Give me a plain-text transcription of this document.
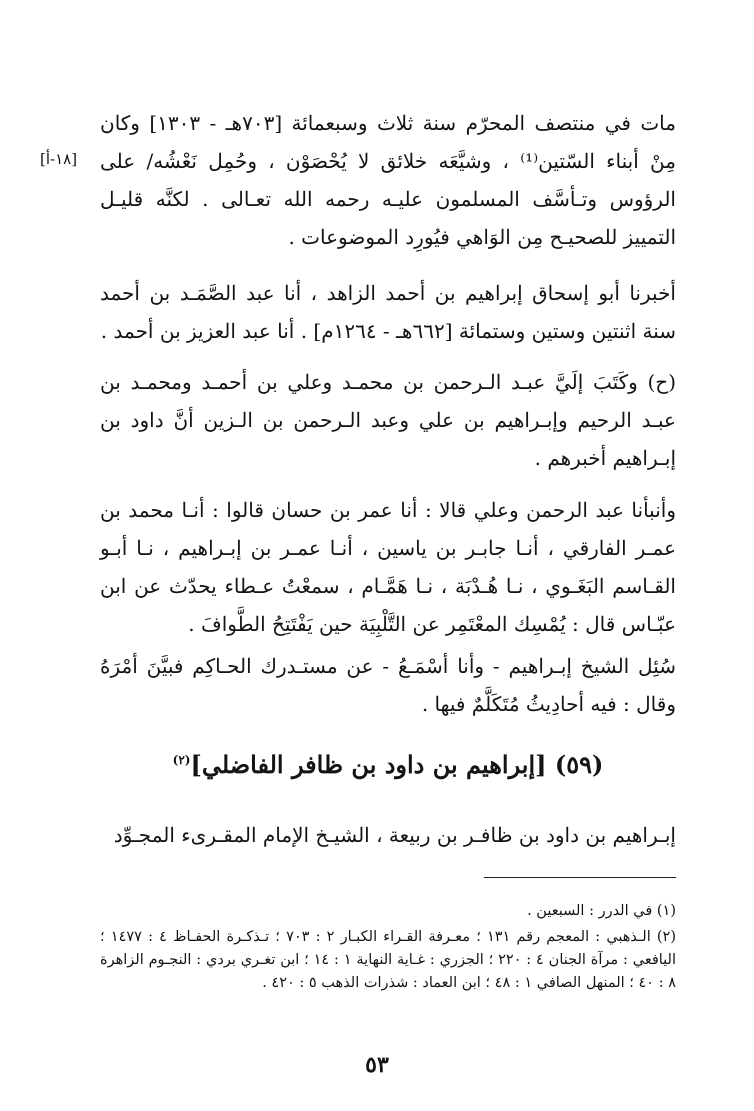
[١٨-أ]

مات في منتصف المحرّم سنة ثلاث وسبعمائة [٧٠٣هـ - ١٣٠٣] وكان مِنْ أبناء السّتين⁽¹⁾ ، وشيَّعَه خلائق لا يُحْصَوْن ، وحُمِل نَعْشُه/ على الرؤوس وتـأسَّف المسلمون عليـه رحمه الله تعـالى . لكنَّه قليـل التمييز للصحيـح مِن الوَاهي فيُورِد الموضوعات .

أخبرنا أبو إسحاق إبراهيم بن أحمد الزاهد ، أنا عبد الصَّمَـد بن أحمد سنة اثنتين وستين وستمائة [٦٦٢هـ - ١٢٦٤م] . أنا عبد العزيز بن أحمد .

(ح) وكَتَبَ إلَيَّ عبـد الـرحمن بن محمـد وعلي بن أحمـد ومحمـد بن عبـد الرحيم وإبـراهيم بن علي وعبد الـرحمن بن الـزين أنَّ داود بن إبـراهيم أخبرهم .

وأنبأنا عبد الرحمن وعلي قالا : أنا عمر بن حسان قالوا : أنـا محمد بن عمـر الفارقي ، أنـا جابـر بن ياسين ، أنـا عمـر بن إبـراهيم ، نـا أبـو القـاسم البَغَـوي ، نـا هُـدْبَة ، نـا هَمَّـام ، سمعْتُ عـطاء يحدّث عن ابن عبّـاس قال : يُمْسِك المعْتَمِر عن التَّلْبِيَة حين يَفْتَتِحُ الطَّوافَ .

سُئِل الشيخ إبـراهيم - وأنا أسْمَـعُ - عن مستـدرك الحـاكِم فبيَّنَ أمْرَهُ وقال : فيه أحادِيثُ مُتَكَلَّمٌ فيها .

(٥٩) [إبراهيم بن داود بن ظافر الفاضلي]$^{(٢)}$

إبـراهيم بن داود بن ظافـر بن ربيعة ، الشيـخ الإمام المقـرىء المجـوِّد

(١) في الدرر : السبعين .

(٢) الـذهبي : المعجم رقم ١٣١ ؛ معـرفة القـراء الكبـار ٢ : ٧٠٣ ؛ تـذكـرة الحفـاظ ٤ : ١٤٧٧ ؛ اليافعي : مرآة الجنان ٤ : ٢٢٠ ؛ الجزري : غـاية النهاية ١ : ١٤ ؛ ابن تغـري بردي : النجـوم الزاهرة ٨ : ٤٠ ؛ المنهل الصافي ١ : ٤٨ ؛ ابن العماد : شذرات الذهب ٥ : ٤٢٠ .

٥٣
